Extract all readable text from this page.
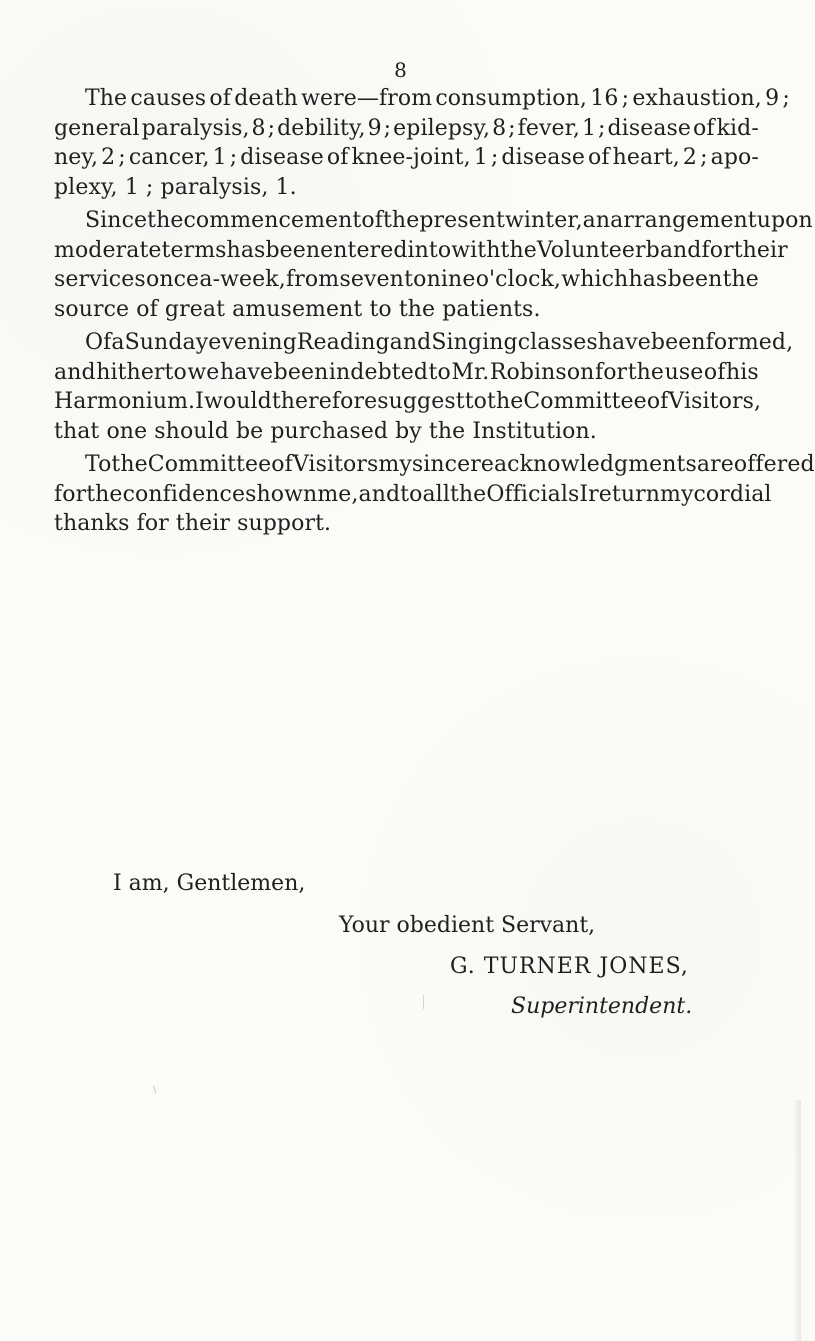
8
The causes of death were—from consumption, 16 ; exhaustion, 9 ;
general paralysis, 8 ; debility, 9 ; epilepsy, 8 ; fever, 1 ; disease of kid-
ney, 2 ; cancer, 1 ; disease of knee-joint, 1 ; disease of heart, 2 ; apo-
plexy, 1 ; paralysis, 1.
Since the commencement of the present winter, an arrangement upon
moderate terms has been entered into with the Volunteer band for their
services once a-week, from seven to nine o'clock, which has been the
source of great amusement to the patients.
Of a Sunday evening Reading and Singing classes have been formed,
and hitherto we have been indebted to Mr. Robinson for the use of his
Harmonium. I would therefore suggest to the Committee of Visitors,
that one should be purchased by the Institution.
To the Committee of Visitors my sincere acknowledgments are offered
for the confidence shown me, and to all the Officials I return my cordial
thanks for their support.
I am, Gentlemen,
Your obedient Servant,
G. TURNER JONES,
Superintendent.
